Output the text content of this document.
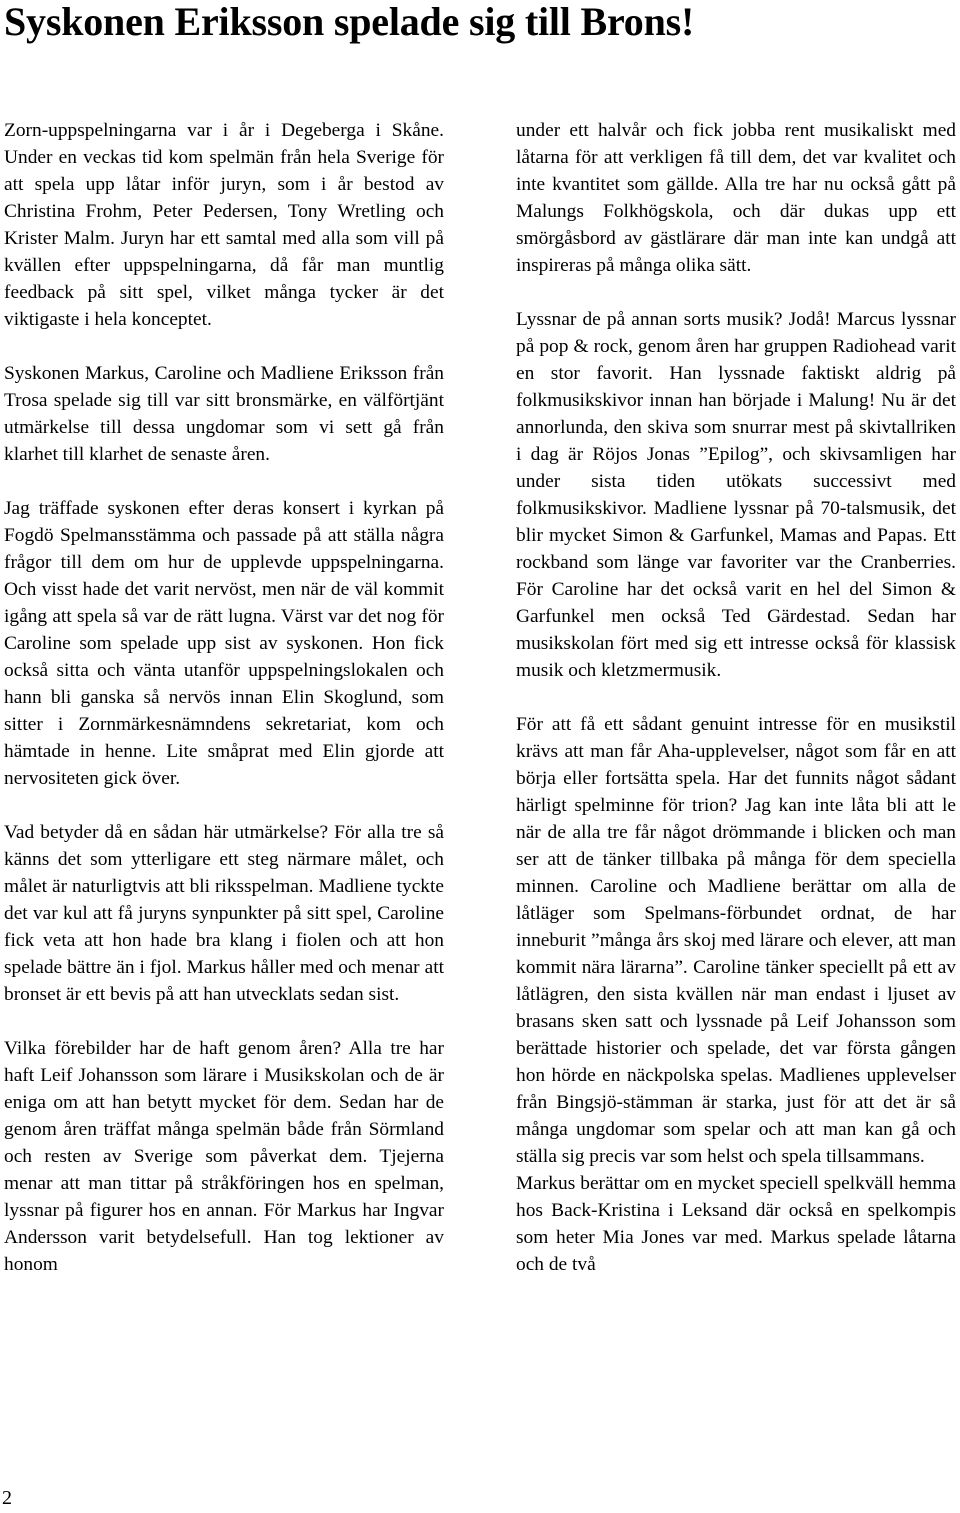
Syskonen Eriksson spelade sig till Brons!

Zorn-uppspelningarna var i år i Degeberga i Skåne. Under en veckas tid kom spelmän från hela Sverige för att spela upp låtar inför juryn, som i år bestod av Christina Frohm, Peter Pedersen, Tony Wretling och Krister Malm. Juryn har ett samtal med alla som vill på kvällen efter uppspelningarna, då får man muntlig feedback på sitt spel, vilket många tycker är det viktigaste i hela konceptet.

Syskonen Markus, Caroline och Madliene Eriksson från Trosa spelade sig till var sitt bronsmärke, en välförtjänt utmärkelse till dessa ungdomar som vi sett gå från klarhet till klarhet de senaste åren.

Jag träffade syskonen efter deras konsert i kyrkan på Fogdö Spelmansstämma och passade på att ställa några frågor till dem om hur de upplevde uppspelningarna. Och visst hade det varit nervöst, men när de väl kommit igång att spela så var de rätt lugna. Värst var det nog för Caroline som spelade upp sist av syskonen. Hon fick också sitta och vänta utanför uppspelningslokalen och hann bli ganska så nervös innan Elin Skoglund, som sitter i Zornmärkesnämndens sekretariat, kom och hämtade in henne. Lite småprat med Elin gjorde att nervositeten gick över.

Vad betyder då en sådan här utmärkelse? För alla tre så känns det som ytterligare ett steg närmare målet, och målet är naturligtvis att bli riksspelman. Madliene tyckte det var kul att få juryns synpunkter på sitt spel, Caroline fick veta att hon hade bra klang i fiolen och att hon spelade bättre än i fjol. Markus håller med och menar att bronset är ett bevis på att han utvecklats sedan sist.

Vilka förebilder har de haft genom åren? Alla tre har haft Leif Johansson som lärare i Musikskolan och de är eniga om att han betytt mycket för dem. Sedan har de genom åren träffat många spelmän både från Sörmland och resten av Sverige som påverkat dem. Tjejerna menar att man tittar på stråkföringen hos en spelman, lyssnar på figurer hos en annan. För Markus har Ingvar Andersson varit betydelsefull. Han tog lektioner av honom

under ett halvår och fick jobba rent musikaliskt med låtarna för att verkligen få till dem, det var kvalitet och inte kvantitet som gällde. Alla tre har nu också gått på Malungs Folkhögskola, och där dukas upp ett smörgåsbord av gästlärare där man inte kan undgå att inspireras på många olika sätt.

Lyssnar de på annan sorts musik? Jodå! Marcus lyssnar på pop & rock, genom åren har gruppen Radiohead varit en stor favorit. Han lyssnade faktiskt aldrig på folkmusikskivor innan han började i Malung! Nu är det annorlunda, den skiva som snurrar mest på skivtallriken i dag är Röjos Jonas ”Epilog”, och skivsamligen har under sista tiden utökats successivt med folkmusikskivor. Madliene lyssnar på 70-talsmusik, det blir mycket Simon & Garfunkel, Mamas and Papas. Ett rockband som länge var favoriter var the Cranberries. För Caroline har det också varit en hel del Simon & Garfunkel men också Ted Gärdestad. Sedan har musikskolan fört med sig ett intresse också för klassisk musik och kletzmermusik.

För att få ett sådant genuint intresse för en musikstil krävs att man får Aha-upplevelser, något som får en att börja eller fortsätta spela. Har det funnits något sådant härligt spelminne för trion? Jag kan inte låta bli att le när de alla tre får något drömmande i blicken och man ser att de tänker tillbaka på många för dem speciella minnen. Caroline och Madliene berättar om alla de låtläger som Spelmans-förbundet ordnat, de har inneburit ”många års skoj med lärare och elever, att man kommit nära lärarna”. Caroline tänker speciellt på ett av låtlägren, den sista kvällen när man endast i ljuset av brasans sken satt och lyssnade på Leif Johansson som berättade historier och spelade, det var första gången hon hörde en näckpolska spelas. Madlienes upplevelser från Bingsjö-stämman är starka, just för att det är så många ungdomar som spelar och att man kan gå och ställa sig precis var som helst och spela tillsammans.

Markus berättar om en mycket speciell spelkväll hemma hos Back-Kristina i Leksand där också en spelkompis som heter Mia Jones var med. Markus spelade låtarna och de två

2
